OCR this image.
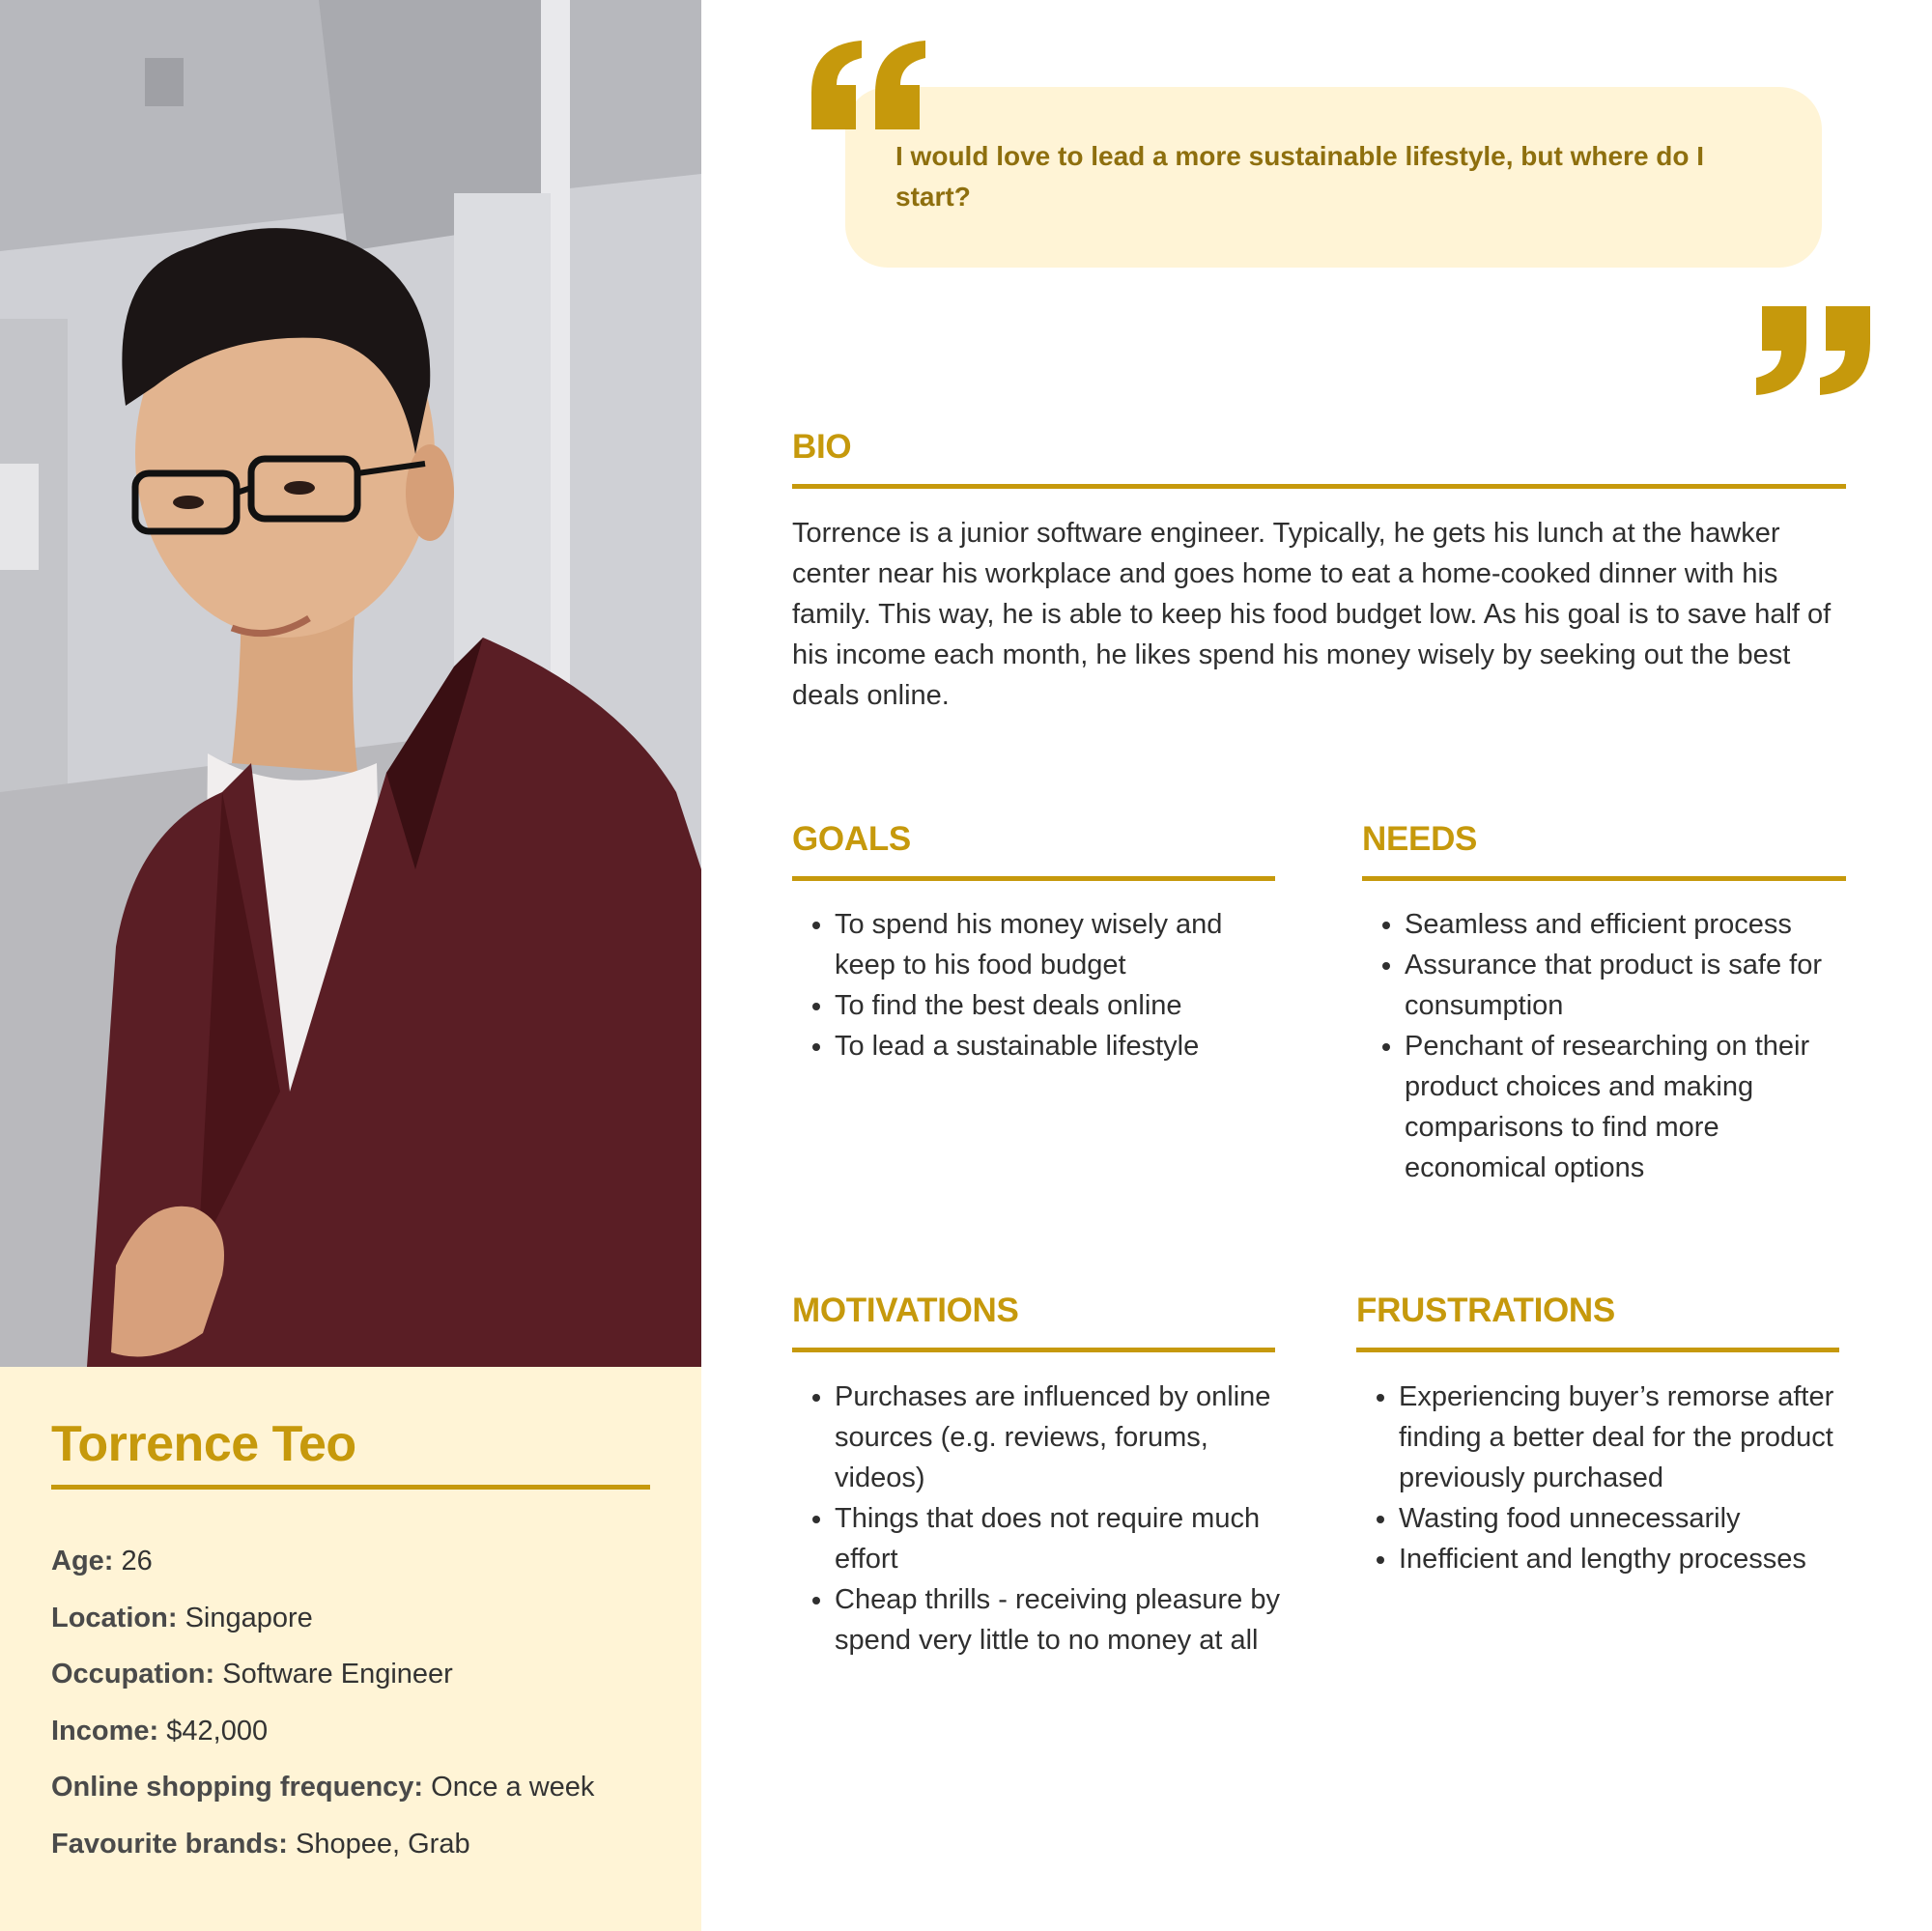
Torrence Teo
Age: 26
Location: Singapore
Occupation: Software Engineer
Income: $42,000
Online shopping frequency: Once a week
Favourite brands: Shopee, Grab

I would love to lead a more sustainable lifestyle, but where do I start?

BIO

Torrence is a junior software engineer. Typically, he gets his lunch at the hawker center near his workplace and goes home to eat a home-cooked dinner with his family. This way, he is able to keep his food budget low. As his goal is to save half of his income each month, he likes spend his money wisely by seeking out the best deals online.

GOALS
• To spend his money wisely and keep to his food budget
• To find the best deals online
• To lead a sustainable lifestyle
NEEDS
• Seamless and efficient process
• Assurance that product is safe for consumption
• Penchant of researching on their product choices and making comparisons to find more economical options
MOTIVATIONS
• Purchases are influenced by online sources (e.g. reviews, forums, videos)
• Things that does not require much effort
• Cheap thrills - receiving pleasure by spend very little to no money at all
FRUSTRATIONS
• Experiencing buyer’s remorse after finding a better deal for the product previously purchased
• Wasting food unnecessarily
• Inefficient and lengthy processes
